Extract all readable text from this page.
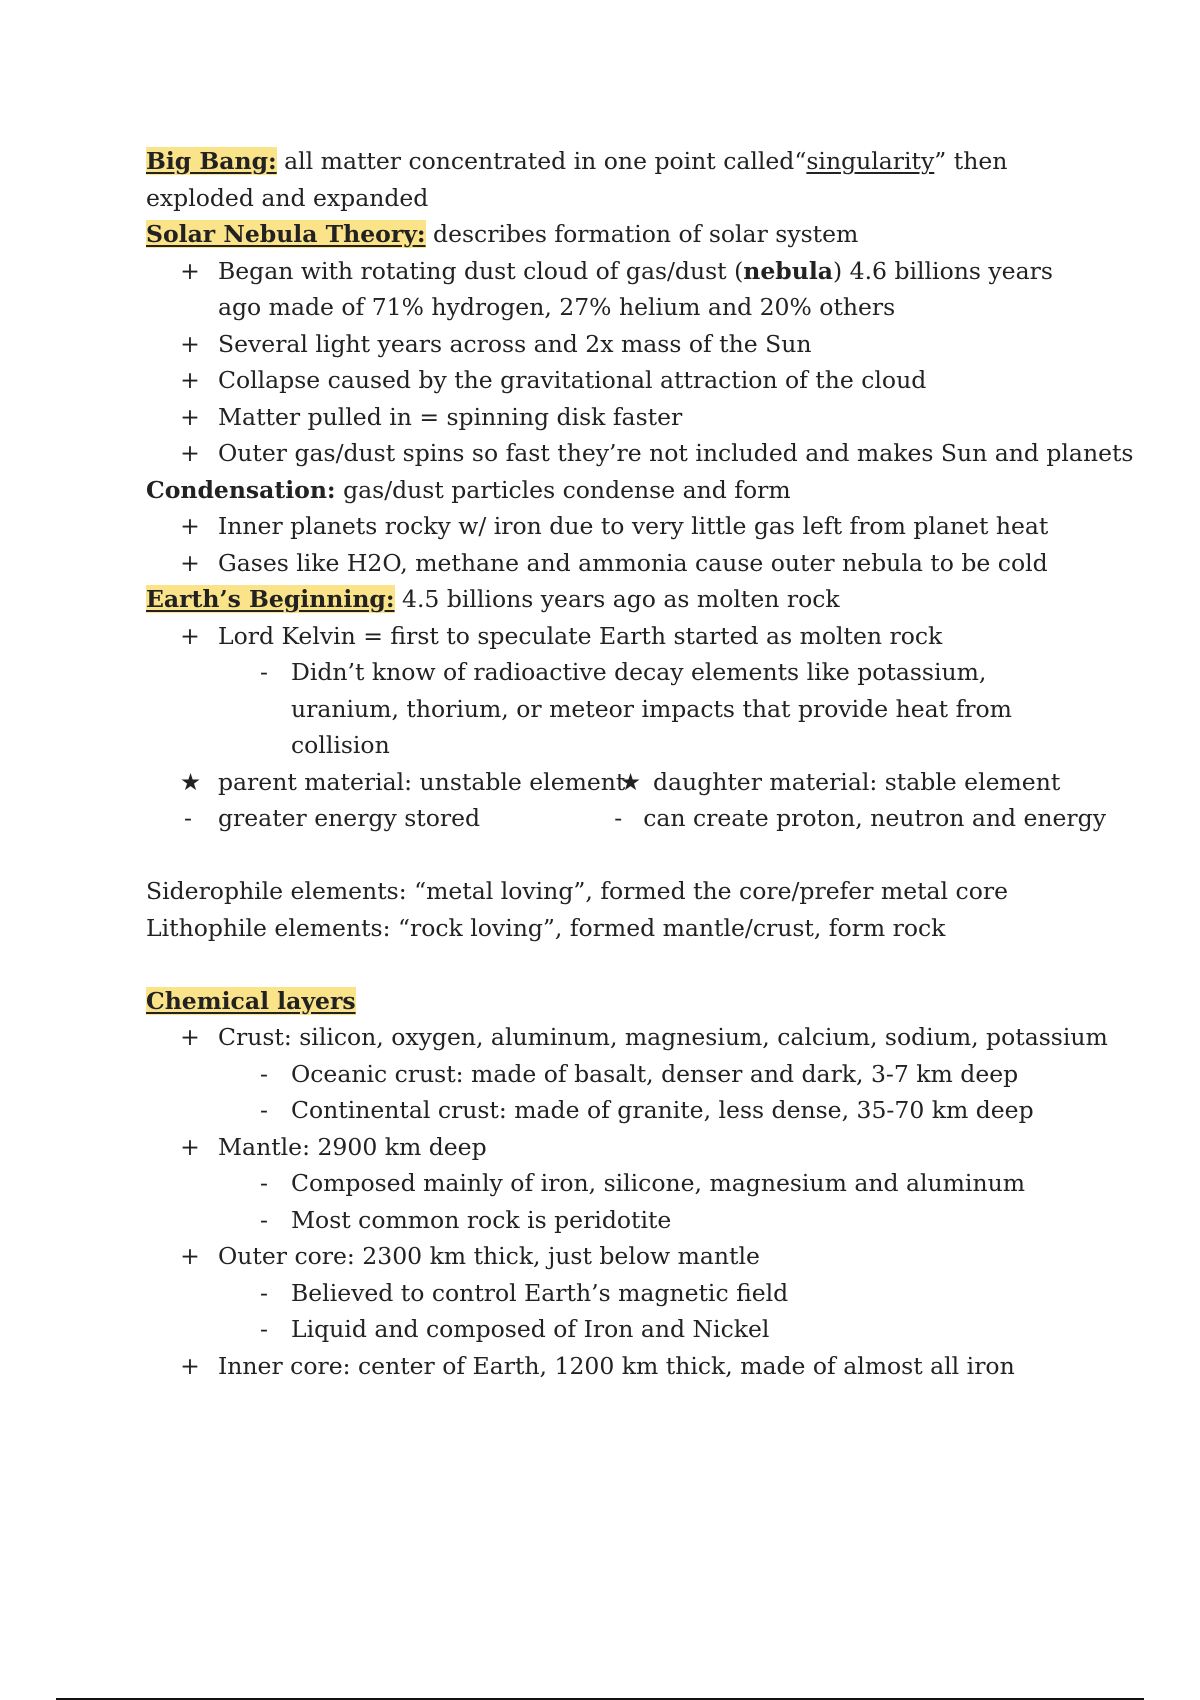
Big Bang: all matter concentrated in one point called“singularity” then exploded and expanded
Solar Nebula Theory: describes formation of solar system
+ Began with rotating dust cloud of gas/dust (nebula) 4.6 billions years ago made of 71% hydrogen, 27% helium and 20% others
+ Several light years across and 2x mass of the Sun
+ Collapse caused by the gravitational attraction of the cloud
+ Matter pulled in = spinning disk faster
+ Outer gas/dust spins so fast they’re not included and makes Sun and planets
Condensation: gas/dust particles condense and form
+ Inner planets rocky w/ iron due to very little gas left from planet heat
+ Gases like H2O, methane and ammonia cause outer nebula to be cold
Earth’s Beginning: 4.5 billions years ago as molten rock
+ Lord Kelvin = first to speculate Earth started as molten rock
- Didn’t know of radioactive decay elements like potassium, uranium, thorium, or meteor impacts that provide heat from collision
★ parent material: unstable element
★ daughter material: stable element
- greater energy stored	- can create proton, neutron and energy
Siderophile elements: “metal loving”, formed the core/prefer metal core
Lithophile elements: “rock loving”, formed mantle/crust, form rock
Chemical layers
+ Crust: silicon, oxygen, aluminum, magnesium, calcium, sodium, potassium
- Oceanic crust: made of basalt, denser and dark, 3-7 km deep
- Continental crust: made of granite, less dense, 35-70 km deep
+ Mantle: 2900 km deep
- Composed mainly of iron, silicone, magnesium and aluminum
- Most common rock is peridotite
+ Outer core: 2300 km thick, just below mantle
- Believed to control Earth’s magnetic field
- Liquid and composed of Iron and Nickel
+ Inner core: center of Earth, 1200 km thick, made of almost all iron
